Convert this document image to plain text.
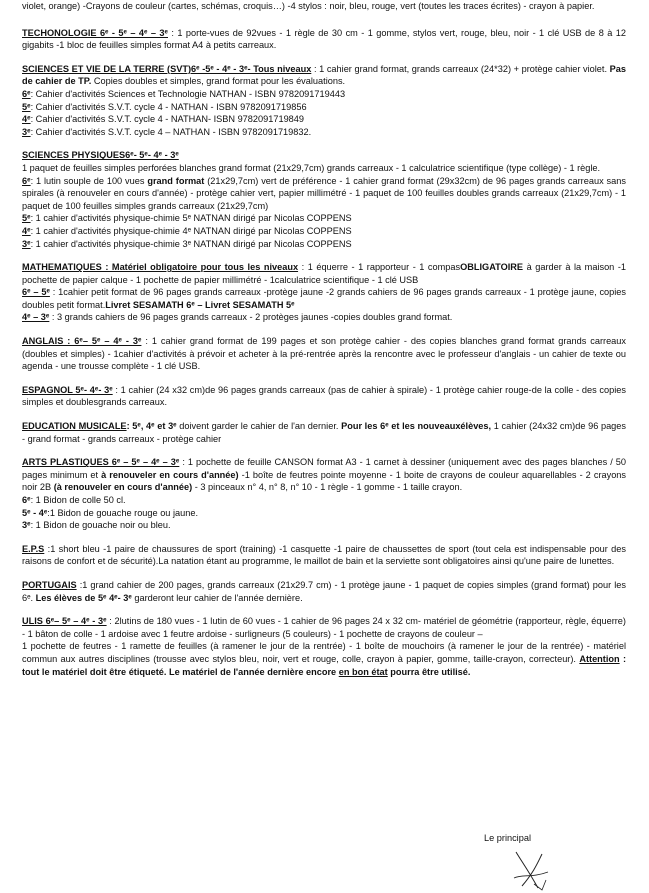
violet, orange) -Crayons de couleur (cartes, schémas, croquis…) -4 stylos : noir, bleu, rouge, vert (toutes les traces écrites) - crayon à papier.

TECHONOLOGIE 6ᵉ - 5ᵉ – 4ᵉ – 3ᵉ : 1 porte-vues de 92vues - 1 règle de 30 cm - 1 gomme, stylos vert, rouge, bleu, noir - 1 clé USB de 8 à 12 gigabits -1 bloc de feuilles simples format A4 à petits carreaux.

SCIENCES ET VIE DE LA TERRE (SVT)6ᵉ -5ᵉ - 4ᵉ - 3ᵉ- Tous niveaux : 1 cahier grand format, grands carreaux (24*32) + protège cahier violet. Pas de cahier de TP. Copies doubles et simples, grand format pour les évaluations.
6ᵉ: Cahier d'activités Sciences et Technologie NATHAN - ISBN 9782091719443
5ᵉ: Cahier d'activités S.V.T. cycle 4 - NATHAN - ISBN 9782091719856
4ᵉ: Cahier d'activités S.V.T. cycle 4 - NATHAN- ISBN 9782091719849
3ᵉ: Cahier d'activités S.V.T. cycle 4 – NATHAN - ISBN 9782091719832.

SCIENCES PHYSIQUES6ᵉ- 5ᵉ- 4ᵉ - 3ᵉ
1 paquet de feuilles simples perforées blanches grand format (21x29,7cm) grands carreaux - 1 calculatrice scientifique (type collège) - 1 règle.
6ᵉ: 1 lutin souple de 100 vues grand format (21x29,7cm) vert de préférence - 1 cahier grand format (29x32cm) de 96 pages grands carreaux sans spirales (à renouveler en cours d'année) - protège cahier vert, papier millimétré - 1 paquet de 100 feuilles doubles grands carreaux (21x29,7cm) - 1 paquet de 100 feuilles simples grands carreaux (21x29,7cm)
5ᵉ: 1 cahier d'activités physique-chimie 5ᵉ NATNAN dirigé par Nicolas COPPENS
4ᵉ: 1 cahier d'activités physique-chimie 4ᵉ NATNAN dirigé par Nicolas COPPENS
3ᵉ: 1 cahier d'activités physique-chimie 3ᵉ NATNAN dirigé par Nicolas COPPENS

MATHEMATIQUES : Matériel obligatoire pour tous les niveaux : 1 équerre - 1 rapporteur - 1 compasOBLIGATOIRE à garder à la maison -1 pochette de papier calque - 1 pochette de papier millimétré - 1calculatrice scientifique - 1 clé USB
6ᵉ – 5ᵉ : 1cahier petit format de 96 pages grands carreaux -protège jaune -2 grands cahiers de 96 pages grands carreaux - 1 protège jaune, copies doubles petit format.Livret SESAMATH 6ᵉ – Livret SESAMATH 5ᵉ
4ᵉ – 3ᵉ : 3 grands cahiers de 96 pages grands carreaux - 2 protèges jaunes -copies doubles grand format.

ANGLAIS : 6ᵉ– 5ᵉ – 4ᵉ - 3ᵉ : 1 cahier grand format de 199 pages et son protège cahier - des copies blanches grand format grands carreaux (doubles et simples) - 1cahier d'activités à prévoir et acheter à la pré-rentrée après la rencontre avec le professeur d'anglais - un cahier de texte ou agenda - une trousse complète - 1 clé USB.

ESPAGNOL 5ᵉ- 4ᵉ- 3ᵉ : 1 cahier (24 x32 cm)de 96 pages grands carreaux (pas de cahier à spirale) - 1 protège cahier rouge-de la colle - des copies simples et doublesgrands carreaux.

EDUCATION MUSICALE: 5ᵉ, 4ᵉ et 3ᵉ doivent garder le cahier de l'an dernier. Pour les 6ᵉ et les nouveauxélèves, 1 cahier (24x32 cm)de 96 pages - grand format - grands carreaux - protège cahier

ARTS PLASTIQUES 6ᵉ – 5ᵉ – 4ᵉ – 3ᵉ : 1 pochette de feuille CANSON format A3 - 1 carnet à dessiner (uniquement avec des pages blanches / 50 pages minimum et à renouveler en cours d'année) -1 boîte de feutres pointe moyenne - 1 boite de crayons de couleur aquarellables - 2 crayons noir 2B (à renouveler en cours d'année) - 3 pinceaux n° 4, n° 8, n° 10 - 1 règle - 1 gomme - 1 taille crayon.
6ᵉ: 1 Bidon de colle 50 cl.
5ᵉ - 4ᵉ:1 Bidon de gouache rouge ou jaune.
3ᵉ: 1 Bidon de gouache noir ou bleu.

E.P.S :1 short bleu -1 paire de chaussures de sport (training) -1 casquette -1 paire de chaussettes de sport (tout cela est indispensable pour des raisons de confort et de sécurité).La natation étant au programme, le maillot de bain et la serviette sont obligatoires ainsi qu'une paire de lunettes.

PORTUGAIS :1 grand cahier de 200 pages, grands carreaux (21x29.7 cm) - 1 protège jaune - 1 paquet de copies simples (grand format) pour les 6ᵉ. Les élèves de 5ᵉ 4ᵉ- 3ᵉ garderont leur cahier de l'année dernière.

ULIS 6ᵉ– 5ᵉ – 4ᵉ - 3ᵉ : 2lutins de 180 vues - 1 lutin de 60 vues - 1 cahier de 96 pages 24 x 32 cm- matériel de géométrie (rapporteur, règle, équerre) - 1 bâton de colle - 1 ardoise avec 1 feutre ardoise - surligneurs (5 couleurs) - 1 pochette de crayons de couleur –
1 pochette de feutres - 1 ramette de feuilles (à ramener le jour de la rentrée) - 1 boîte de mouchoirs (à ramener le jour de la rentrée) - matériel commun aux autres disciplines (trousse avec stylos bleu, noir, vert et rouge, colle, crayon à papier, gomme, taille-crayon, correcteur). Attention : tout le matériel doit être étiqueté. Le matériel de l'année dernière encore en bon état pourra être utilisé.

Le principal
